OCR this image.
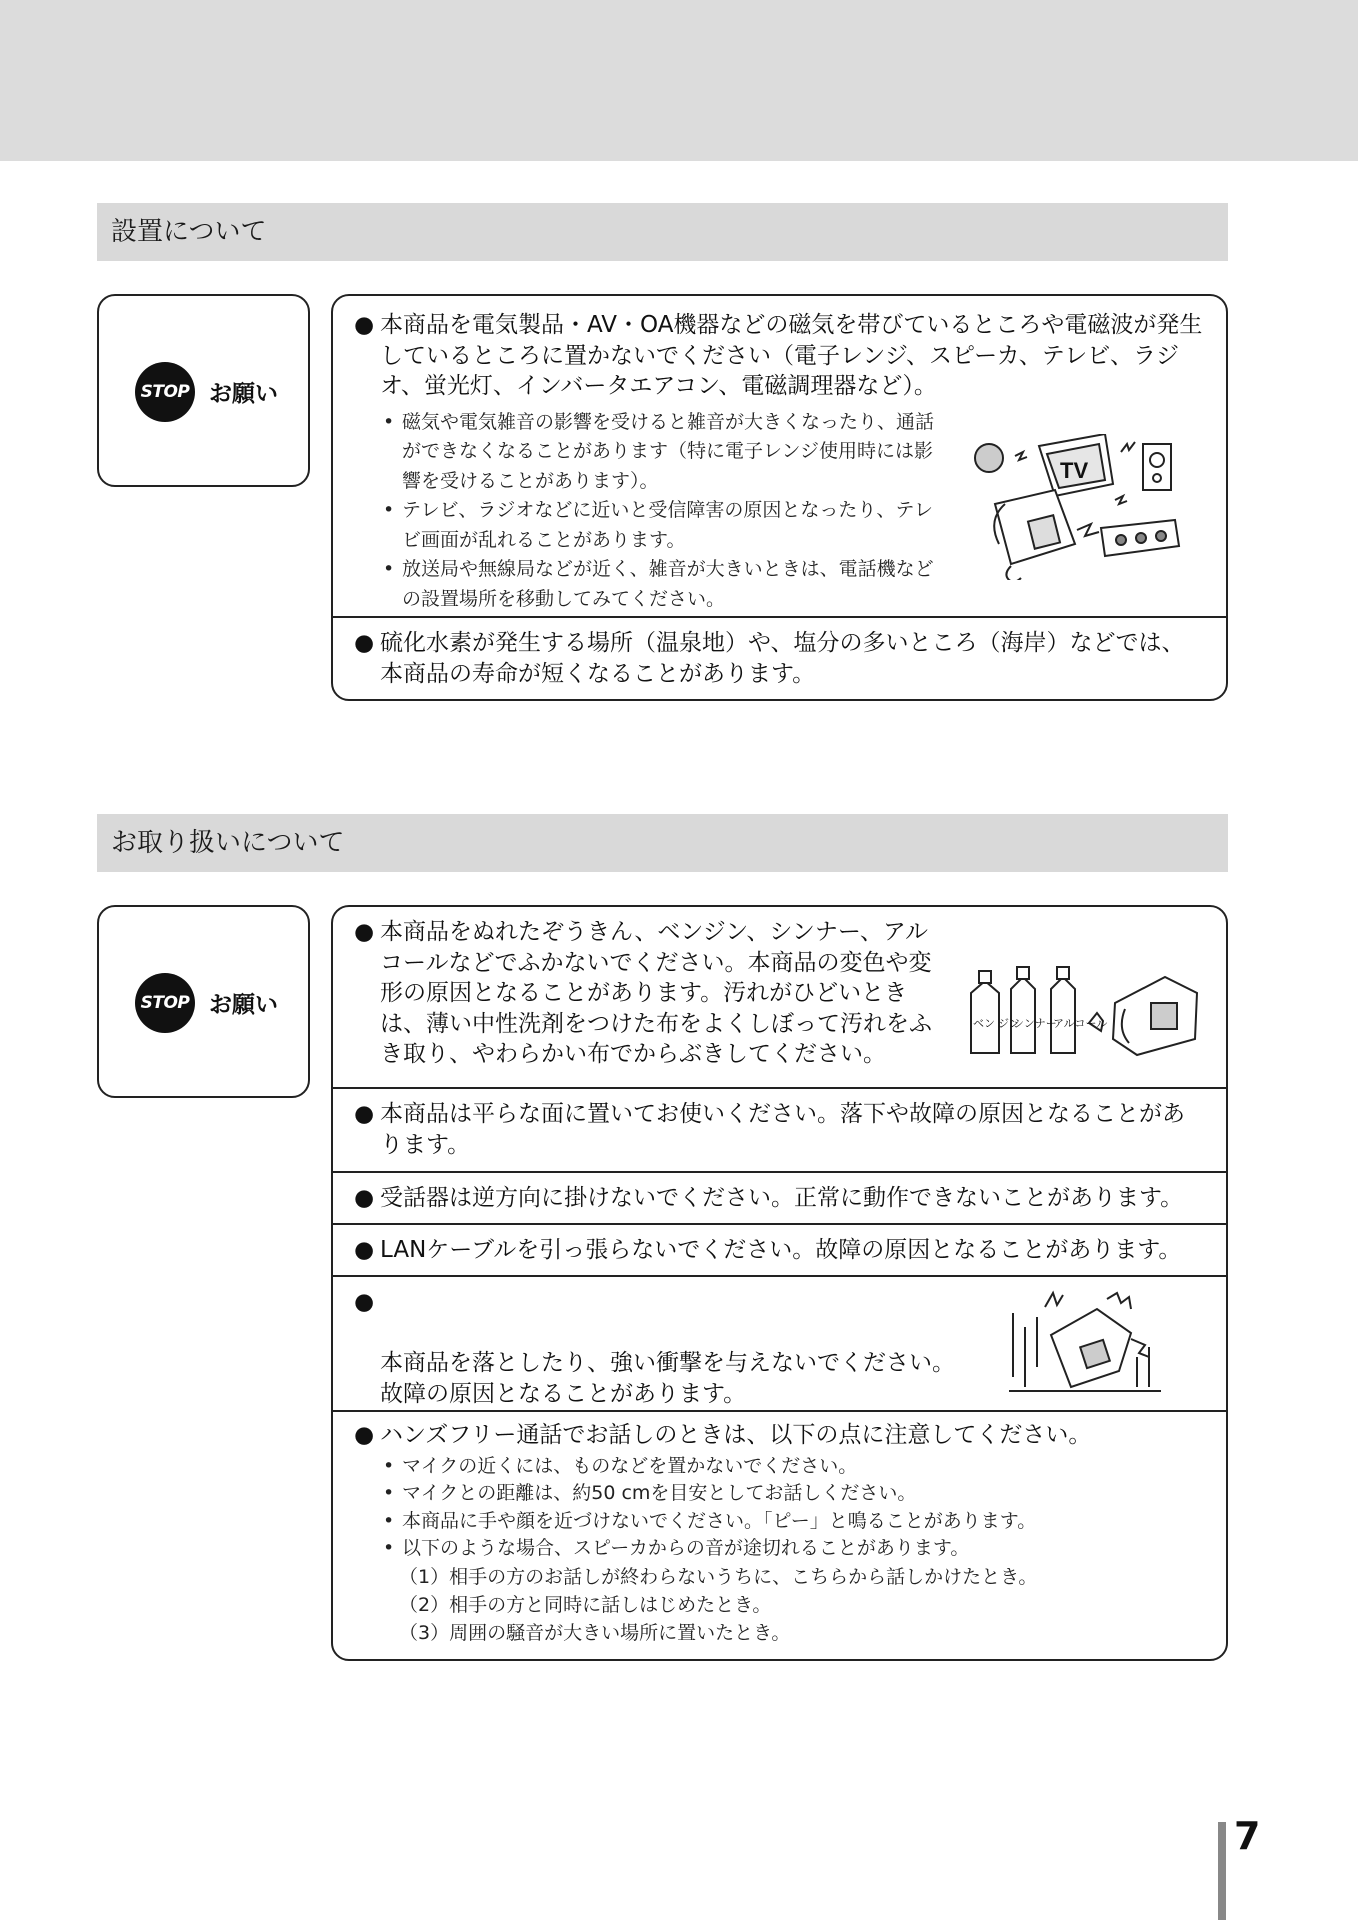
設置について
STOP お願い

● 本商品を電気製品・AV・OA機器などの磁気を帯びているところや電磁波が発生しているところに置かないでください（電子レンジ、スピーカ、テレビ、ラジオ、蛍光灯、インバータエアコン、電磁調理器など）。

• 磁気や電気雑音の影響を受けると雑音が大きくなったり、通話ができなくなることがあります（特に電子レンジ使用時には影響を受けることがあります）。
• テレビ、ラジオなどに近いと受信障害の原因となったり、テレビ画面が乱れることがあります。
• 放送局や無線局などが近く、雑音が大きいときは、電話機などの設置場所を移動してみてください。
TV

● 硫化水素が発生する場所（温泉地）や、塩分の多いところ（海岸）などでは、本商品の寿命が短くなることがあります。

お取り扱いについて
STOP お願い

● 本商品をぬれたぞうきん、ベンジン、シンナー、アルコールなどでふかないでください。本商品の変色や変形の原因となることがあります。汚れがひどいときは、薄い中性洗剤をつけた布をよくしぼって汚れをふき取り、やわらかい布でからぶきしてください。

ベン ジン
シンナー
アルコール

● 本商品は平らな面に置いてお使いください。落下や故障の原因となることがあります。

● 受話器は逆方向に掛けないでください。正常に動作できないことがあります。

● LANケーブルを引っ張らないでください。故障の原因となることがあります。

●

本商品を落としたり、強い衝撃を与えないでください。
故障の原因となることがあります。

● ハンズフリー通話でお話しのときは、以下の点に注意してください。

• マイクの近くには、ものなどを置かないでください。
• マイクとの距離は、約50 cmを目安としてお話しください。
• 本商品に手や顔を近づけないでください。「ピー」と鳴ることがあります。
• 以下のような場合、スピーカからの音が途切れることがあります。
（1）相手の方のお話しが終わらないうちに、こちらから話しかけたとき。
（2）相手の方と同時に話しはじめたとき。
（3）周囲の騒音が大きい場所に置いたとき。
7
